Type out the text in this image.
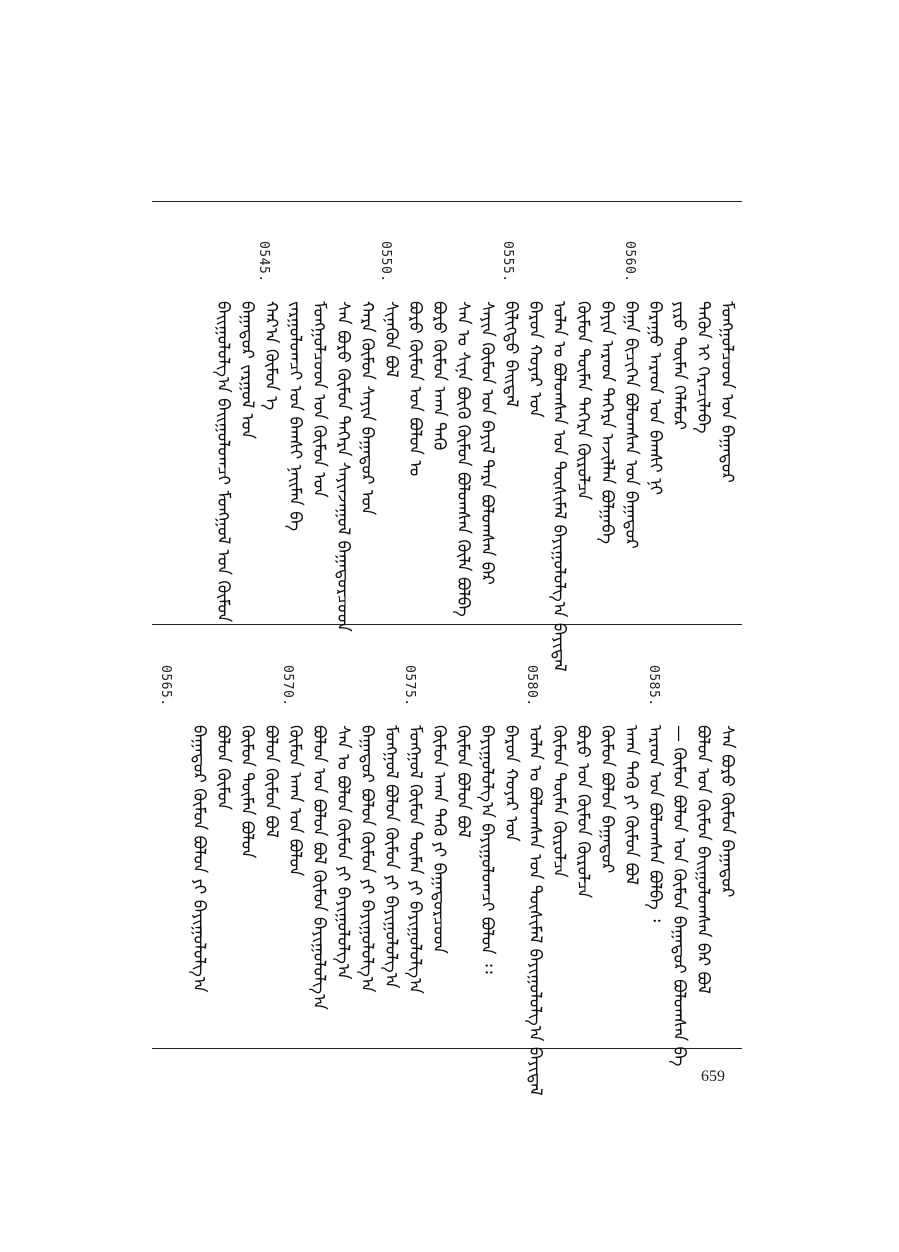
0560.
0555.
0550.
0545.
ᠮᠣᠩᠭᠣᠯᠴᠤᠳ ᠤᠨ ᠪᠠᠭᠠᠲᠤᠷ
ᠲᠡᠭᠦᠨ ᠢ ᠭᠡᠷᠡᠴᠢᠯᠡᠪᠡ
ᠶᠢᠷᠦ ᠲᠦᠮᠡᠨ ᠬᠡᠯᠡᠮᠦᠷ
ᠪᠠᠷᠠᠭᠤ ᠠᠷᠠᠳ ᠤᠨ ᠪᠠᠭᠰᠢ ᠨᠢ
ᠪᠠᠭᠠ ᠪᠢᠴᠢᠭᠡᠨ ᠪᠣᠯᠤᠭᠰᠠᠨ ᠤᠨ ᠪᠠᠭᠠᠲᠤᠷ
ᠪᠠᠶᠢᠨ ᠠᠷᠠᠳ ᠲᠡᠭᠡᠷᠡ ᠠᠵᠢᠯᠯᠠᠨ ᠪᠣᠯᠭᠠᠪᠠ
ᠬᠦᠮᠦᠨ ᠲᠦᠮᠡᠨ ᠳᠡᠭᠡᠷᠡ ᠬᠦᠷᠦᠯᠴᠡ
ᠣᠯᠠᠨ ᠤ ᠪᠣᠯᠤᠭᠰᠠᠨ ᠤᠨ ᠲᠦᠰᠢᠮᠡᠯ ᠪᠠᠶᠢᠭᠤᠯᠤᠯᠭ᠎ᠠ ᠪᠠᠶᠢᠳᠠᠯ
ᠪᠠᠷᠤᠨ ᠬᠣᠶᠠᠷ ᠤᠨ
ᠪᠢᠯᠢᠭᠲᠦ ᠪᠠᠢᠳᠠᠯ
ᠰᠠᠶᠢᠨ ᠬᠦᠮᠦᠨ ᠤᠨ ᠪᠠᠶᠢᠯ ᠲᠡᠷᠡ ᠪᠣᠯᠤᠭᠰᠠᠨ ᠪᠠᠷ
ᠰᠠᠨ ᠤ ᠰᠢᠨᠡ ᠪᠦᠬᠦ ᠬᠦᠮᠦᠨ ᠪᠣᠯᠤᠭᠰᠠᠨ ᠬᠦᠯᠠ ᠪᠣᠯᠪᠠ
ᠪᠣᠷᠤ ᠬᠦᠮᠦᠨ ᠠᠬᠠ ᠳᠡᠭᠦ
ᠪᠣᠷᠤ ᠬᠦᠮᠦᠨ ᠤᠨ ᠪᠣᠯᠤᠨ ᠤ
ᠰᠢᠨᠡᠭᠦᠨ ᠪᠣᠯ
ᠬᠠᠷᠠ ᠬᠦᠮᠦᠨ ᠰᠠᠶᠢᠨ ᠪᠠᠭᠠᠲᠤᠷ ᠤᠨ
ᠰᠠᠨ ᠪᠣᠷᠤ ᠬᠦᠮᠦᠨ ᠲᠡᠭᠡᠷᠡ ᠰᠠᠶᠢᠨᠵᠠᠭᠤᠯ ᠪᠠᠭᠠᠲᠤᠷᠴᠤᠳ
ᠮᠣᠩᠭᠣᠯᠴᠤᠳ ᠤᠨ ᠬᠦᠮᠦᠨ ᠤᠨ
ᠵᠠᠷᠭᠤᠯᠤᠭᠴᠢ ᠤᠨ ᠪᠠᠭᠰᠢ ᠨᠠᠢᠮᠠᠨ ᠪᠠ
ᠬᠠᠷ᠎ᠠ ᠬᠦᠮᠦᠨ ᠡ
ᠪᠠᠭᠠᠲᠤᠷ ᠵᠠᠷᠭᠤᠯ ᠤᠨ
ᠪᠠᠢᠭᠤᠯᠤᠯᠭ᠎ᠠ ᠪᠠᠢᠭᠤᠯᠤᠭᠴᠢ ᠮᠣᠩᠭᠣᠯ ᠤᠨ ᠬᠦᠮᠦᠨ
0585.
0580.
0575.
0570.
0565.
ᠰᠠᠨ ᠪᠣᠷᠤ ᠬᠦᠮᠦᠨ ᠪᠠᠭᠠᠲᠤᠷ
ᠪᠣᠯᠤᠨ ᠤᠨ ᠬᠦᠮᠦᠨ ᠪᠠᠢᠭᠤᠯᠤᠭᠰᠠᠨ ᠪᠠᠷ ᠪᠣᠯ
— ᠬᠦᠮᠦᠨ ᠪᠣᠯᠤᠨ ᠤᠨ ᠬᠦᠮᠦᠨ ᠪᠠᠭᠠᠲᠤᠷ ᠪᠣᠯᠤᠭᠰᠠᠨ ᠪᠠ
ᠠᠷᠠᠳ ᠤᠨ ᠪᠣᠯᠤᠭᠰᠠᠨ ᠪᠣᠯᠪᠠ ᠄
ᠠᠬᠠ ᠳᠡᠭᠦ ᠶᠢ ᠬᠦᠮᠦᠨ ᠪᠣᠯ
ᠬᠦᠮᠦᠨ ᠪᠣᠯᠤᠨ ᠪᠠᠭᠠᠲᠤᠷ
ᠪᠣᠷᠤ ᠤᠨ ᠬᠦᠮᠦᠨ ᠬᠦᠷᠦᠯᠴᠡ
ᠬᠦᠮᠦᠨ ᠲᠦᠮᠡᠨ ᠬᠦᠷᠦᠯᠴᠡ
ᠣᠯᠠᠨ ᠤ ᠪᠣᠯᠤᠭᠰᠠᠨ ᠤᠨ ᠲᠦᠰᠢᠮᠡᠯ ᠪᠠᠶᠢᠭᠤᠯᠤᠯᠭ᠎ᠠ ᠪᠠᠶᠢᠳᠠᠯ
ᠪᠠᠷᠤᠨ ᠬᠣᠶᠠᠷ ᠤᠨ
ᠪᠠᠶᠢᠭᠤᠯᠤᠯᠭ᠎ᠠ ᠪᠠᠶᠢᠭᠤᠯᠤᠭᠴᠢ ᠪᠣᠯᠤᠨ ᠄᠄
ᠬᠦᠮᠦᠨ ᠪᠣᠯᠤᠨ ᠪᠣᠯ
ᠬᠦᠮᠦᠨ ᠠᠬᠠ ᠳᠡᠭᠦ ᠶᠢ ᠪᠠᠭᠠᠲᠤᠷᠴᠤᠳ
ᠮᠣᠩᠭᠣᠯ ᠬᠦᠮᠦᠨ ᠲᠦᠮᠡᠨ ᠶᠢ ᠪᠠᠶᠢᠭᠤᠯᠤᠯᠭ᠎ᠠ
ᠮᠣᠩᠭᠣᠯ ᠪᠣᠯᠤᠨ ᠬᠦᠮᠦᠨ ᠶᠢ ᠪᠠᠶᠢᠭᠤᠯᠤᠯᠭ᠎ᠠ
ᠪᠠᠭᠠᠲᠤᠷ ᠪᠣᠯᠤᠨ ᠬᠦᠮᠦᠨ ᠶᠢ ᠪᠠᠶᠢᠭᠤᠯᠤᠯᠭ᠎ᠠ
ᠰᠠᠨ ᠤ ᠪᠣᠯᠤᠨ ᠬᠦᠮᠦᠨ ᠶᠢ ᠪᠠᠶᠢᠭᠤᠯᠤᠯᠭ᠎ᠠ
ᠪᠣᠯᠤᠨ ᠤᠨ ᠪᠣᠯᠤᠨ ᠪᠣᠯ ᠬᠦᠮᠦᠨ ᠪᠠᠶᠢᠭᠤᠯᠤᠯᠭ᠎ᠠ
ᠬᠦᠮᠦᠨ ᠠᠬᠠ ᠤᠨ ᠪᠣᠯᠤᠨ
ᠪᠣᠯᠤᠨ ᠬᠦᠮᠦᠨ ᠪᠣᠯ
ᠬᠦᠮᠦᠨ ᠲᠦᠮᠡᠨ ᠪᠣᠯᠤᠨ
ᠪᠣᠯᠤᠨ ᠬᠦᠮᠦᠨ
ᠪᠠᠭᠠᠲᠤᠷ ᠬᠦᠮᠦᠨ ᠪᠣᠯᠤᠨ ᠶᠢ ᠪᠠᠶᠢᠭᠤᠯᠤᠯᠭ᠎ᠠ
659
